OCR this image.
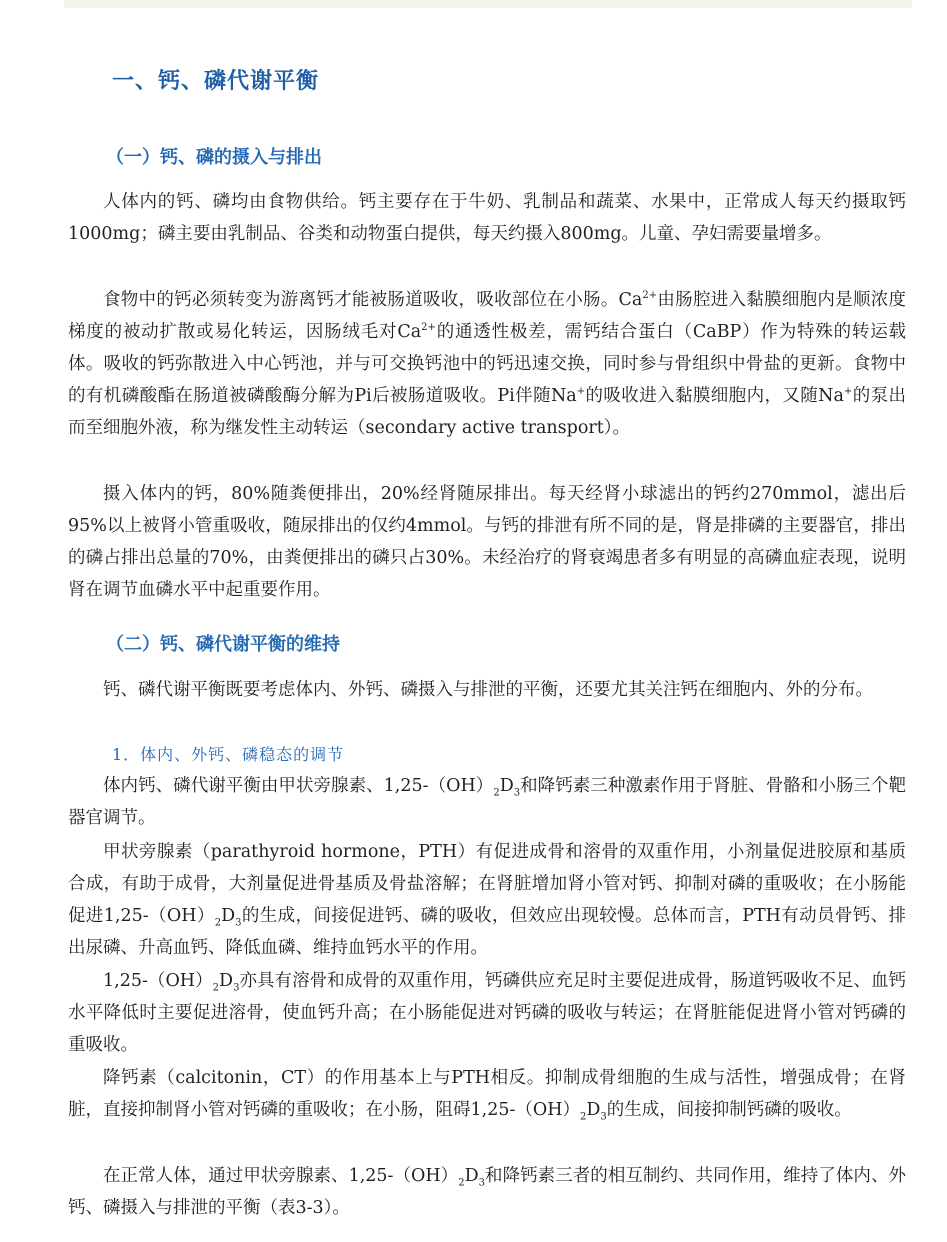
一、钙、磷代谢平衡
（一）钙、磷的摄入与排出

人体内的钙、磷均由食物供给。钙主要存在于牛奶、乳制品和蔬菜、水果中，正常成人每天约摄取钙1000mg；磷主要由乳制品、谷类和动物蛋白提供，每天约摄入800mg。儿童、孕妇需要量增多。

食物中的钙必须转变为游离钙才能被肠道吸收，吸收部位在小肠。$Ca^{2+}$由肠腔进入黏膜细胞内是顺浓度梯度的被动扩散或易化转运，因肠绒毛对$Ca^{2+}$的通透性极差，需钙结合蛋白（CaBP）作为特殊的转运载体。吸收的钙弥散进入中心钙池，并与可交换钙池中的钙迅速交换，同时参与骨组织中骨盐的更新。食物中的有机磷酸酯在肠道被磷酸酶分解为Pi后被肠道吸收。Pi伴随Na+的吸收进入黏膜细胞内，又随Na+的泵出而至细胞外液，称为继发性主动转运（secondary active transport）。

摄入体内的钙，80%随粪便排出，20%经肾随尿排出。每天经肾小球滤出的钙约270mmol，滤出后95%以上被肾小管重吸收，随尿排出的仅约4mmol。与钙的排泄有所不同的是，肾是排磷的主要器官，排出的磷占排出总量的70%，由粪便排出的磷只占30%。未经治疗的肾衰竭患者多有明显的高磷血症表现，说明肾在调节血磷水平中起重要作用。

（二）钙、磷代谢平衡的维持

钙、磷代谢平衡既要考虑体内、外钙、磷摄入与排泄的平衡，还要尤其关注钙在细胞内、外的分布。

1．体内、外钙、磷稳态的调节

体内钙、磷代谢平衡由甲状旁腺素、$1,25-(OH)_2D_3$和降钙素三种激素作用于肾脏、骨骼和小肠三个靶器官调节。

甲状旁腺素（parathyroid hormone，PTH）有促进成骨和溶骨的双重作用，小剂量促进胶原和基质合成，有助于成骨，大剂量促进骨基质及骨盐溶解；在肾脏增加肾小管对钙、抑制对磷的重吸收；在小肠能促进$1,25-(OH)_2D_3$的生成，间接促进钙、磷的吸收，但效应出现较慢。总体而言，PTH有动员骨钙、排出尿磷、升高血钙、降低血磷、维持血钙水平的作用。

$1,25-(OH)_2D_3$亦具有溶骨和成骨的双重作用，钙磷供应充足时主要促进成骨，肠道钙吸收不足、血钙水平降低时主要促进溶骨，使血钙升高；在小肠能促进对钙磷的吸收与转运；在肾脏能促进肾小管对钙磷的重吸收。

降钙素（calcitonin，CT）的作用基本上与PTH相反。抑制成骨细胞的生成与活性，增强成骨；在肾脏，直接抑制肾小管对钙磷的重吸收；在小肠，阻碍$1,25-(OH)_2D_3$的生成，间接抑制钙磷的吸收。

在正常人体，通过甲状旁腺素、$1,25-(OH)_2D_3$和降钙素三者的相互制约、共同作用，维持了体内、外钙、磷摄入与排泄的平衡（表3-3）。
